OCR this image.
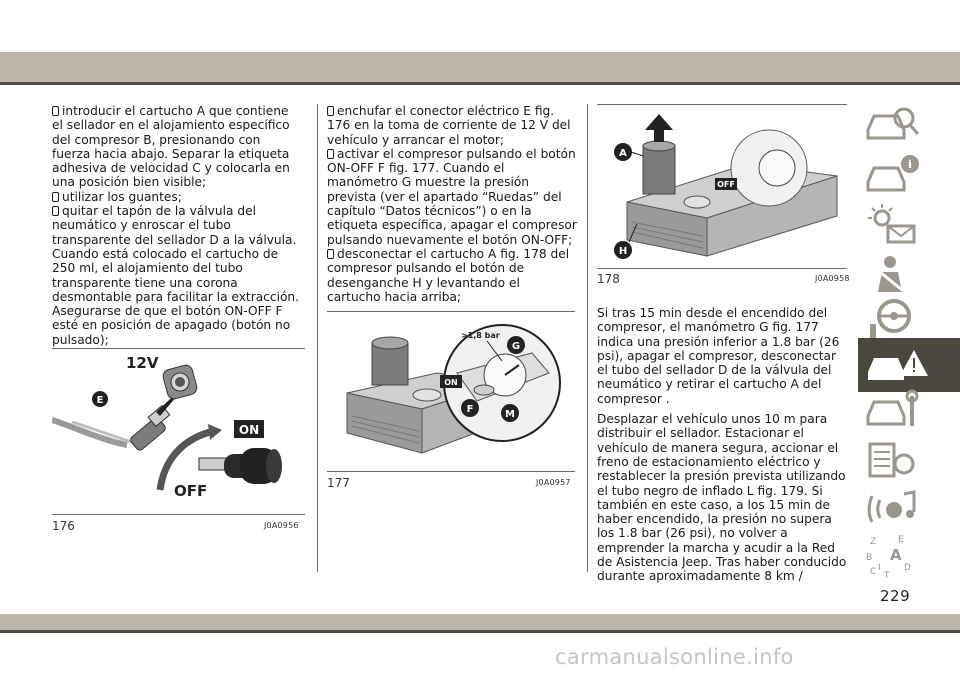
introducir el cartucho A que contiene el sellador en el alojamiento específico del compresor B, presionando con fuerza hacia abajo. Separar la etiqueta adhesiva de velocidad C y colocarla en una posición bien visible;

utilizar los guantes;

quitar el tapón de la válvula del neumático y enroscar el tubo transparente del sellador D a la válvula. Cuando está colocado el cartucho de 250 ml, el alojamiento del tubo transparente tiene una corona desmontable para facilitar la extracción. Asegurarse de que el botón ON-OFF F esté en posición de apagado (botón no pulsado);

enchufar el conector eléctrico E fig. 176 en la toma de corriente de 12 V del vehículo y arrancar el motor;

activar el compresor pulsando el botón ON-OFF F fig. 177. Cuando el manómetro G muestre la presión prevista (ver el apartado “Ruedas” del capítulo “Datos técnicos”) o en la etiqueta específica, apagar el compresor pulsando nuevamente el botón ON-OFF;

desconectar el cartucho A fig. 178 del compresor pulsando el botón de desenganche H y levantando el cartucho hacia arriba;

Si tras 15 min desde el encendido del compresor, el manómetro G fig. 177 indica una presión inferior a 1.8 bar (26 psi), apagar el compresor, desconectar el tubo del sellador D de la válvula del neumático y retirar el cartucho A del compresor .

Desplazar el vehículo unos 10 m para distribuir el sellador. Estacionar el vehículo de manera segura, accionar el freno de estacionamiento eléctrico y restablecer la presión prevista utilizando el tubo negro de inflado L fig. 179. Si también en este caso, a los 15 min de haber encendido, la presión no supera los 1.8 bar (26 psi), no volver a emprender la marcha y acudir a la Red de Asistencia Jeep. Tras haber conducido durante aproximadamente 8 km /

ON
12V
E
OFF
176	J0A0956
ON
>1,8 bar
G
F	M
177	J0A0957
OFF
A
H
178	J0A0958
i
Z E
B A
C	D
I
T
229
carmanualsonline.info
